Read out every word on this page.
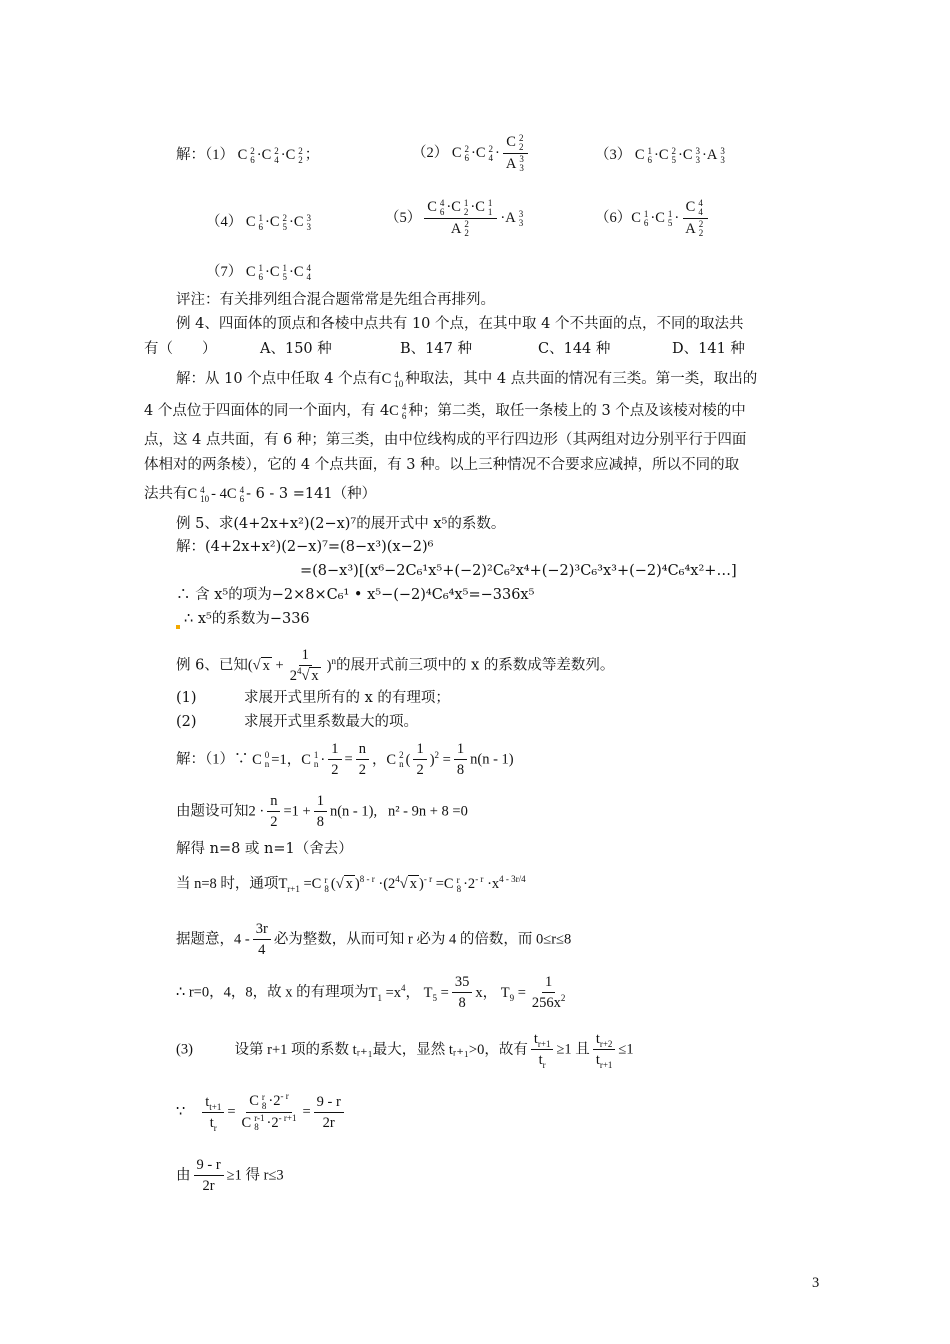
解：（1） C 2
6 ·C 2
4 ·C 2
2 ；	（2） C 2
6 ·C 2
4 · C 2
2
A 3
3	（3） C 1
6 ·C 2
5 ·C 3
3 ·A 3
3
（4） C 1
6 ·C 2
5 ·C 3
3
（5） C 4
6 ·C 1
2 ·C 1
1
A 2
2 ·A 3
3	（6）C 1
6 ·C 1
5 · C 4
4
A 2
2
（7） C 1
6 ·C 1
5 ·C 4
4
评注：有关排列组合混合题常常是先组合再排列。
例 4、四面体的顶点和各棱中点共有 10 个点，在其中取 4 个不共面的点，不同的取法共
有（　　）	A、150 种	B、147 种	C、144 种	D、141 种
解：从 10 个点中任取 4 个点有C 4
10 种取法，其中 4 点共面的情况有三类。第一类，取出的
4 个点位于四面体的同一个面内，有 4C 4
6 种；第二类，取任一条棱上的 3 个点及该棱对棱的中
点，这 4 点共面，有 6 种；第三类，由中位线构成的平行四边形（其两组对边分别平行于四面
体相对的两条棱），它的 4 个点共面，有 3 种。以上三种情况不合要求应减掉，所以不同的取
法共有C 4
10 - 4C 4
6 - 6 - 3 =141（种）
例 5、求(4+2x+x²)(2−x)⁷的展开式中 x⁵的系数。
解：(4+2x+x²)(2−x)⁷=(8−x³)(x−2)⁶
=(8−x³)[(x⁶−2C₆¹x⁵+(−2)²C₆²x⁴+(−2)³C₆³x³+(−2)⁴C₆⁴x²+…]
∴ 含 x⁵的项为−2×8×C₆¹ • x⁵−(−2)⁴C₆⁴x⁵=−336x⁵
∴ x⁵的系数为−336
例 6、已知(√ $x + \frac{1}{2^4√ x} )^n$的展开式前三项中的 x 的系数成等差数列。
(1)	求展开式里所有的 x 的有理项；
(2)	求展开式里系数最大的项。
解：（1）∵ C 0
n =1，C 1
$n \cdot \frac{1}{2} = \frac{n}{2}$ ，C 2
n ( $\frac{1}{2} )^2 = \frac{1}{8} n(n - 1)$
由题设可知$2 \cdot \frac{n}{2} =1 + \frac{1}{8} n(n - 1)$,   n² - 9n + 8 =0
解得 n=8 或 n=1（舍去）
当 n=8 时，通项$T_{r+1} =C$ r
8 (√ x )$^{8 - r} \cdot(2^4√$ x )$^{- r}$ =C r
$8 \cdot 2^{- r} \cdot x^{4 - 3r/4}$
据题意，$4 - \frac{3r}{4}$ 必为整数，从而可知 r 必为 4 的倍数，而 0≤r≤8
∴ r=0，4，8，故 x 的有理项为$T_1 =x^4$， $T_5 = \frac{35}{8}$ x， $T_9 = \frac{1}{256x^2}$
(3)	设第 r+1 项的系数 tᵣ₊₁最大，显然 tᵣ₊₁>0，故有 $\frac{t_{r+1}}{t_r} \ge 1$ 且 $\frac{t_{r+2}}{t_{r+1}} \le 1$
∵ $\frac{t_{t+1}}{t_r} = C$ r
$8 \cdot 2^{- r}$
C r-1
$8 \cdot 2^{- r+1} = \frac{9 - r}{2r}$
由 $\frac{9 - r}{2r} \ge 1$ 得 r≤3
3
